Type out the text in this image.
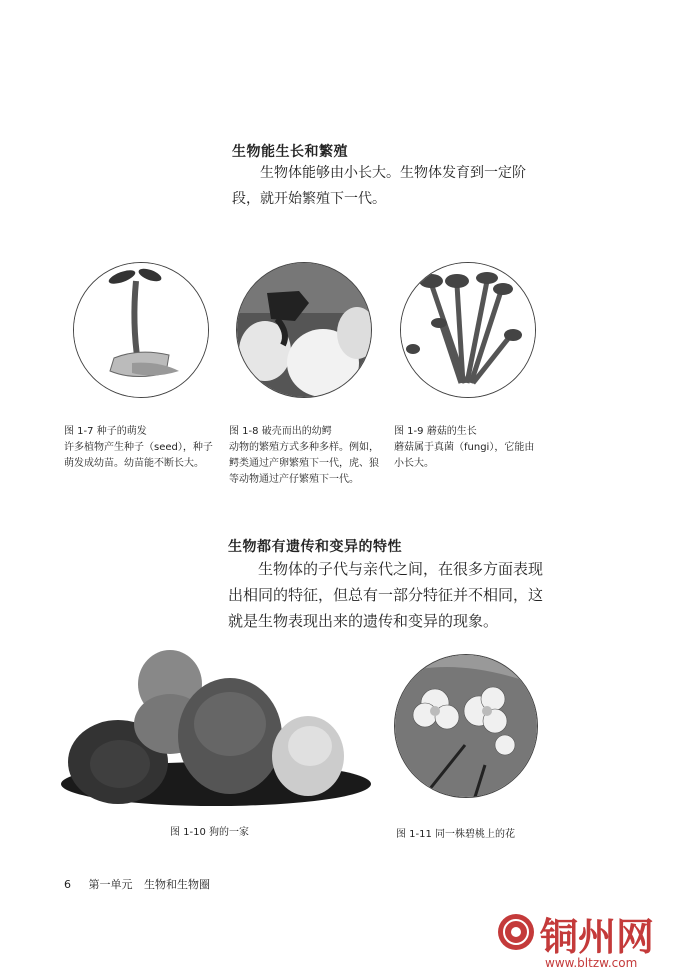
生物能生长和繁殖
生物体能够由小长大。生物体发育到一定阶段，就开始繁殖下一代。
图 1-7 种子的萌发
许多植物产生种子（seed），种子萌发成幼苗。幼苗能不断长大。
图 1-8 破壳而出的幼鳄
动物的繁殖方式多种多样。例如，鳄类通过产卵繁殖下一代，虎、狼等动物通过产仔繁殖下一代。
图 1-9 蘑菇的生长
蘑菇属于真菌（fungi），它能由小长大。
生物都有遗传和变异的特性
生物体的子代与亲代之间，在很多方面表现出相同的特征，但总有一部分特征并不相同，这就是生物表现出来的遗传和变异的现象。
图 1-10 狗的一家	图 1-11 同一株碧桃上的花
6 第一单元 生物和生物圈
铜州网
www.bltzw.com
